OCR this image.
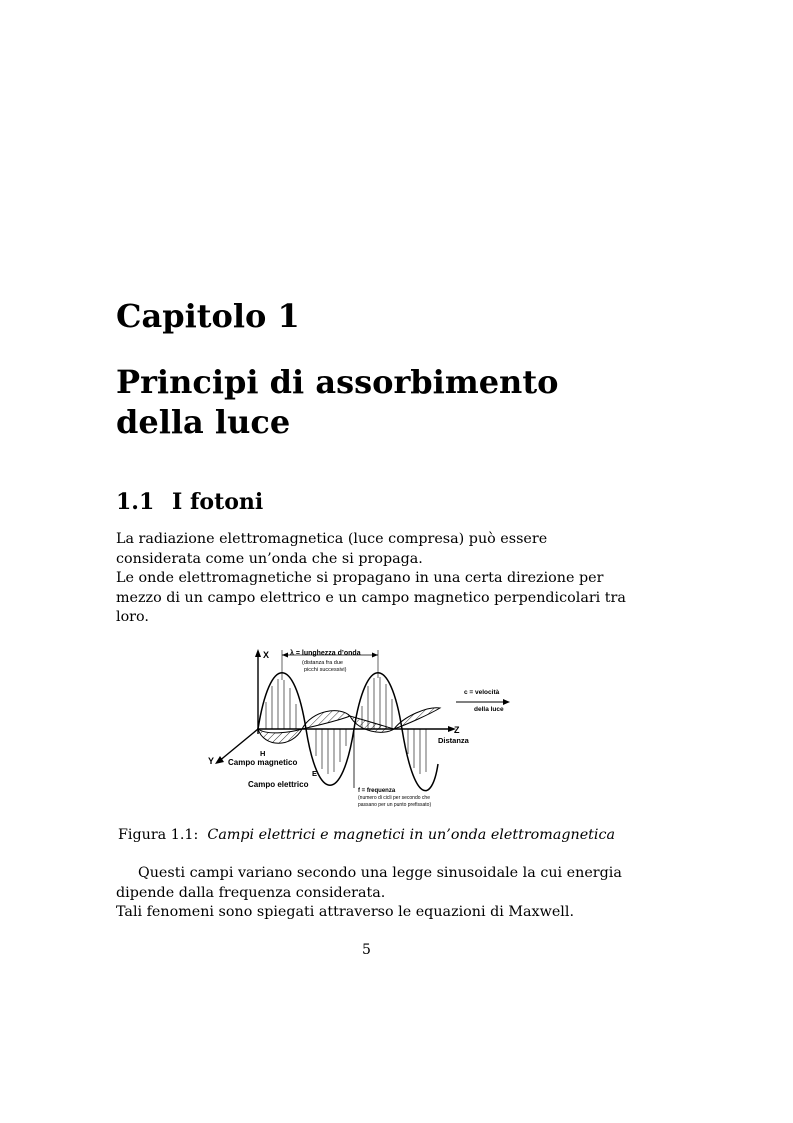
Capitolo 1
Principi di assorbimento della luce
1.1 I fotoni

La radiazione elettromagnetica (luce compresa) può essere considerata come un’onda che si propaga.

Le onde elettromagnetiche si propagano in una certa direzione per mezzo di un campo elettrico e un campo magnetico perpendicolari tra loro.

X
Y
Z
λ = lunghezza d’onda
(distanza fra due
picchi successivi)
c = velocità
della luce
Distanza
H
Campo magnetico
E
Campo elettrico
f = frequenza
(numero di cicli per secondo che
passano per un punto prefissato)
Figura 1.1: Campi elettrici e magnetici in un’onda elettromagnetica

Questi campi variano secondo una legge sinusoidale la cui energia dipende dalla frequenza considerata.

Tali fenomeni sono spiegati attraverso le equazioni di Maxwell.

5
